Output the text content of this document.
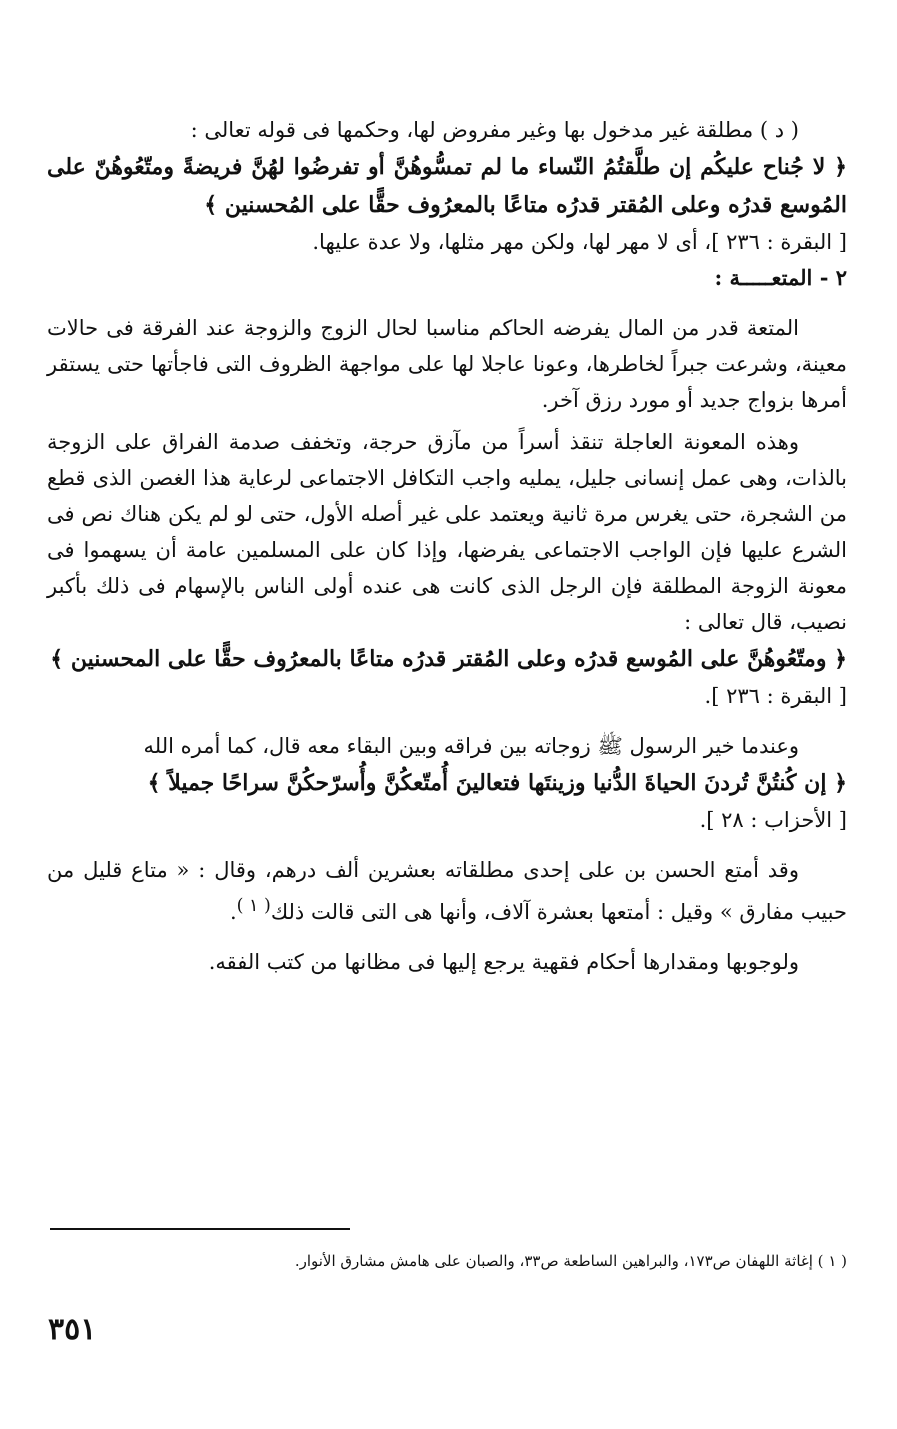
( د ) مطلقة غير مدخول بها وغير مفروض لها، وحكمها فى قوله تعالى :

﴿ لا جُناح عليكُم إن طلَّقتُمُ النّساء ما لم تمسُّوهُنَّ أو تفرضُوا لهُنَّ فريضةً ومتّعُوهُنّ على المُوسع قدرُه وعلى المُقتر قدرُه متاعًا بالمعرُوف حقًّا على المُحسنين ﴾

[ البقرة : ٢٣٦ ]، أى لا مهر لها، ولكن مهر مثلها، ولا عدة عليها.

٢ - المتعـــــة :

المتعة قدر من المال يفرضه الحاكم مناسبا لحال الزوج والزوجة عند الفرقة فى حالات معينة، وشرعت جبراً لخاطرها، وعونا عاجلا لها على مواجهة الظروف التى فاجأتها حتى يستقر أمرها بزواج جديد أو مورد رزق آخر.

وهذه المعونة العاجلة تنقذ أسراً من مآزق حرجة، وتخفف صدمة الفراق على الزوجة بالذات، وهى عمل إنسانى جليل، يمليه واجب التكافل الاجتماعى لرعاية هذا الغصن الذى قطع من الشجرة، حتى يغرس مرة ثانية ويعتمد على غير أصله الأول، حتى لو لم يكن هناك نص فى الشرع عليها فإن الواجب الاجتماعى يفرضها، وإذا كان على المسلمين عامة أن يسهموا فى معونة الزوجة المطلقة فإن الرجل الذى كانت هى عنده أولى الناس بالإسهام فى ذلك بأكبر نصيب، قال تعالى :

﴿ ومتّعُوهُنَّ على المُوسع قدرُه وعلى المُقتر قدرُه متاعًا بالمعرُوف حقًّا على المحسنين ﴾

[ البقرة : ٢٣٦ ].

وعندما خير الرسول ﷺ زوجاته بين فراقه وبين البقاء معه قال، كما أمره الله

﴿ إن كُنتُنَّ تُردنَ الحياةَ الدُّنيا وزينتَها فتعالينَ أُمتّعكُنَّ وأُسرّحكُنَّ سراحًا جميلاً ﴾

[ الأحزاب : ٢٨ ].

وقد أمتع الحسن بن على إحدى مطلقاته بعشرين ألف درهم، وقال : « متاع قليل من حبيب مفارق » وقيل : أمتعها بعشرة آلاف، وأنها هى التى قالت ذلك$^{( ١ )}$.

ولوجوبها ومقدارها أحكام فقهية يرجع إليها فى مظانها من كتب الفقه.

( ١ ) إغاثة اللهفان ص١٧٣، والبراهين الساطعة ص٣٣، والصبان على هامش مشارق الأنوار.

٣٥١
